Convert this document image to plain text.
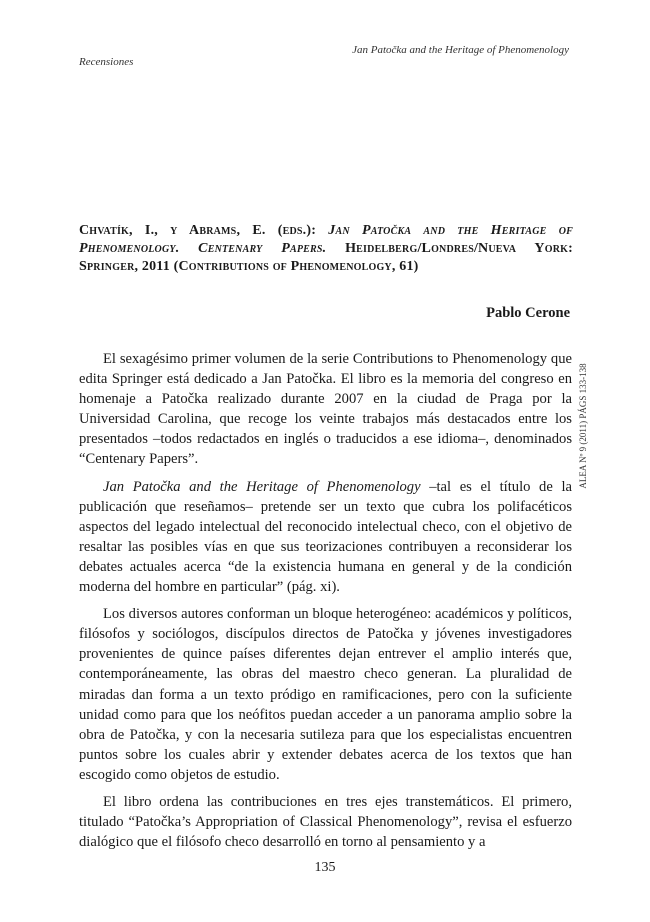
Jan Patočka and the Heritage of Phenomenology
Recensiones
Chvatík, I., y Abrams, E. (eds.): Jan Patočka and the Heritage of Phenomenology. Centenary Papers. Heidelberg/Londres/Nueva York: Springer, 2011 (Contributions of Phenomenology, 61)
Pablo Cerone

El sexagésimo primer volumen de la serie Contributions to Phenomenology que edita Springer está dedicado a Jan Patočka. El libro es la memoria del congreso en homenaje a Patočka realizado durante 2007 en la ciudad de Praga por la Universidad Carolina, que recoge los veinte trabajos más destacados entre los presentados –todos redactados en inglés o traducidos a ese idioma–, denominados “Centenary Papers”.

Jan Patočka and the Heritage of Phenomenology –tal es el título de la publicación que reseñamos– pretende ser un texto que cubra los polifacéticos aspectos del legado intelectual del reconocido intelectual checo, con el objetivo de resaltar las posibles vías en que sus teorizaciones contribuyen a reconsiderar los debates actuales acerca “de la existencia humana en general y de la condición moderna del hombre en particular” (pág. xi).

Los diversos autores conforman un bloque heterogéneo: académicos y políticos, filósofos y sociólogos, discípulos directos de Patočka y jóvenes investigadores provenientes de quince países diferentes dejan entrever el amplio interés que, contemporáneamente, las obras del maestro checo generan. La pluralidad de miradas dan forma a un texto pródigo en ramificaciones, pero con la suficiente unidad como para que los neófitos puedan acceder a un panorama amplio sobre la obra de Patočka, y con la necesaria sutileza para que los especialistas encuentren puntos sobre los cuales abrir y extender debates acerca de los textos que han escogido como objetos de estudio.

El libro ordena las contribuciones en tres ejes transtemáticos. El primero, titulado “Patočka’s Appropriation of Classical Phenomenology”, revisa el esfuerzo dialógico que el filósofo checo desarrolló en torno al pensamiento y a

ALEA Nº 9 (2011) PÁGS 133-138
135
